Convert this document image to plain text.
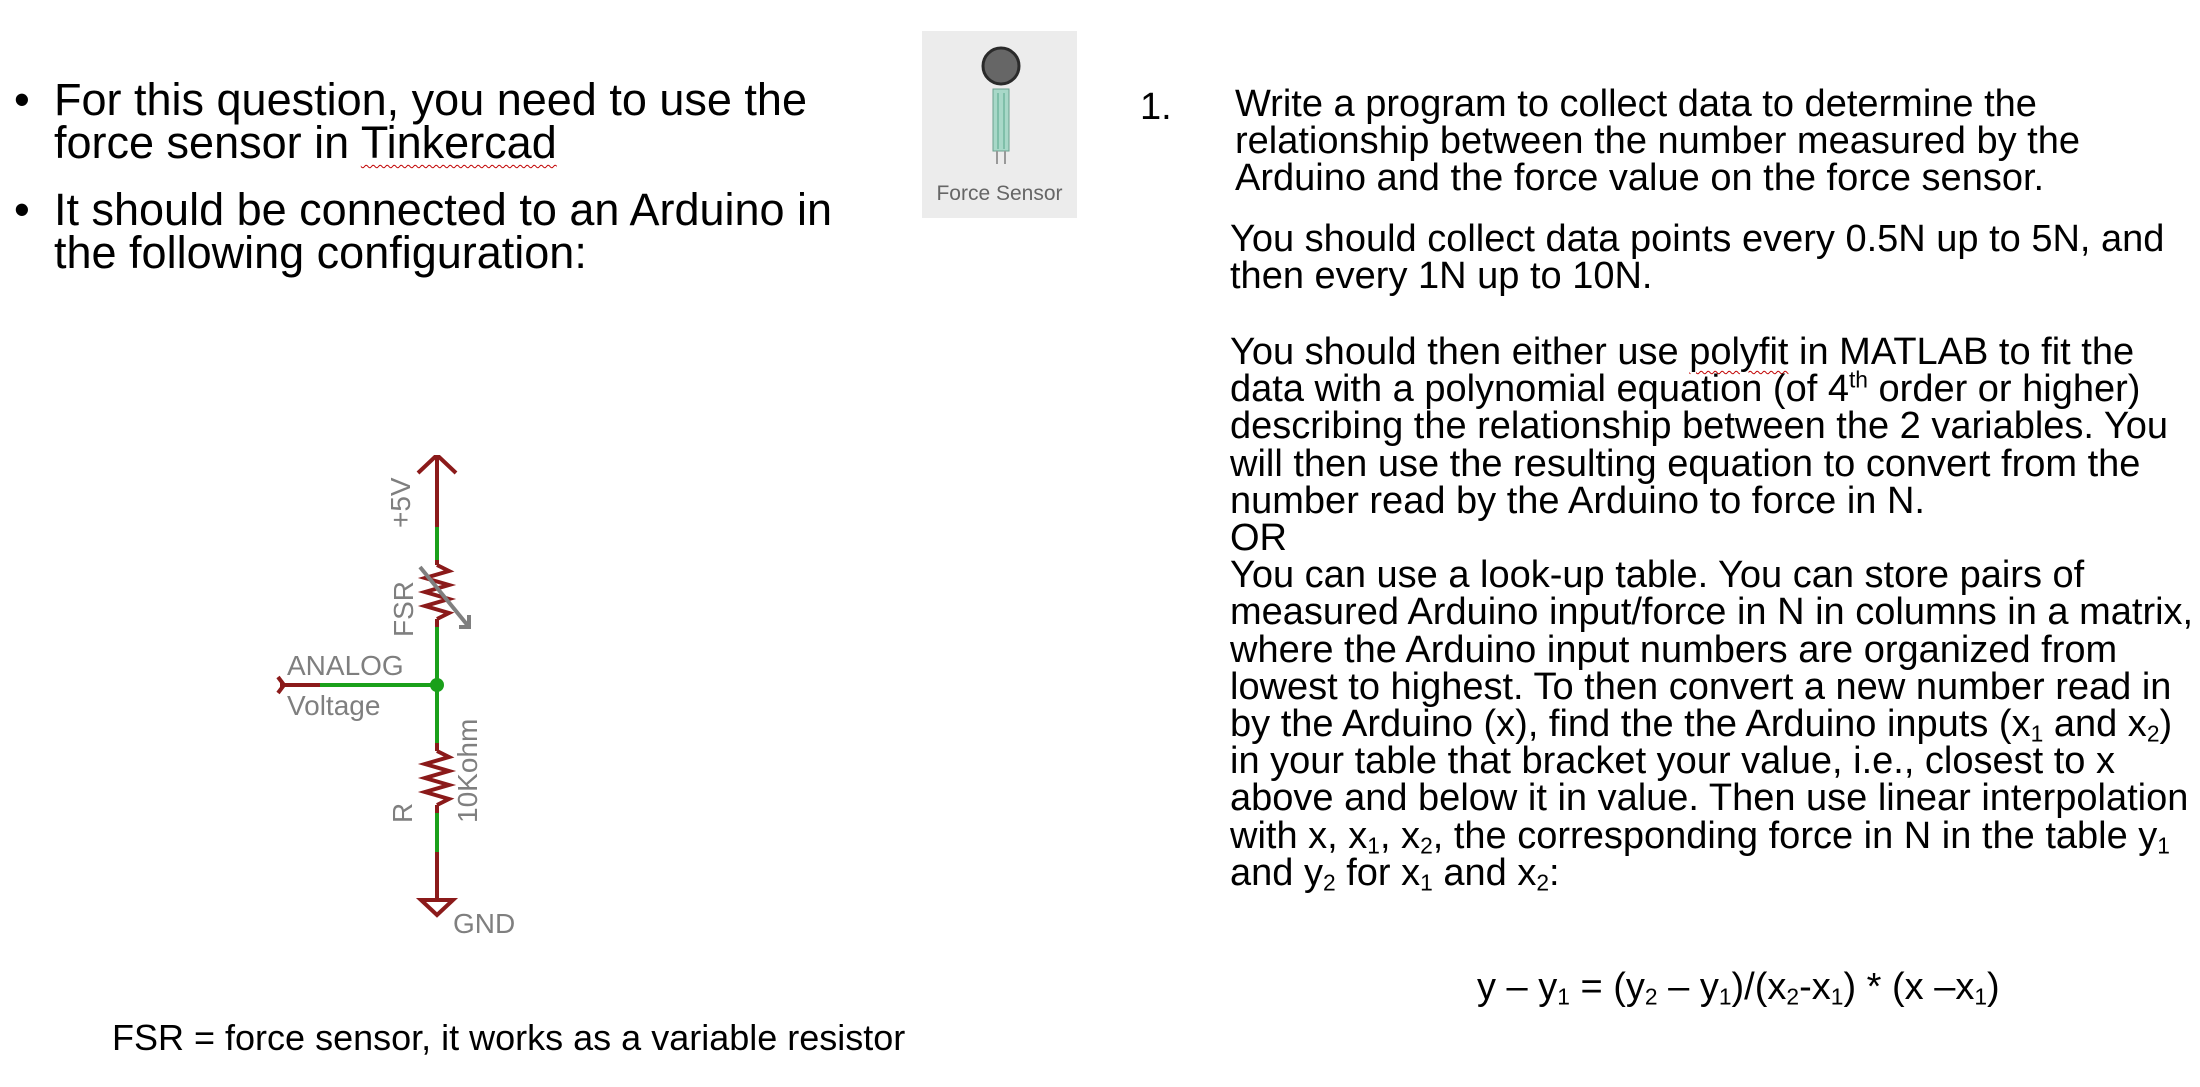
• For this question, you need to use the force sensor in Tinkercad
• It should be connected to an Arduino in the following configuration:
Force Sensor
+5V
FSR
ANALOG
Voltage
R 10Kohm
GND
FSR = force sensor, it works as a variable resistor
1. Write a program to collect data to determine the relationship between the number measured by the Arduino and the force value on the force sensor.
You should collect data points every 0.5N up to 5N, and then every 1N up to 10N.
You should then either use polyfit in MATLAB to fit the data with a polynomial equation (of 4th order or higher) describing the relationship between the 2 variables. You will then use the resulting equation to convert from the number read by the Arduino to force in N.
OR
You can use a look-up table. You can store pairs of measured Arduino input/force in N in columns in a matrix, where the Arduino input numbers are organized from lowest to highest. To then convert a new number read in by the Arduino (x), find the the Arduino inputs ($x_1$ and $x_2$) in your table that bracket your value, i.e., closest to x above and below it in value. Then use linear interpolation with x, $x_1$, $x_2$, the corresponding force in N in the table $y_1$ and $y_2$ for $x_1$ and $x_2$:
$y - y_1 = (y_2 - y_1)/(x_2-x_1) * (x$ $-x_1$)
